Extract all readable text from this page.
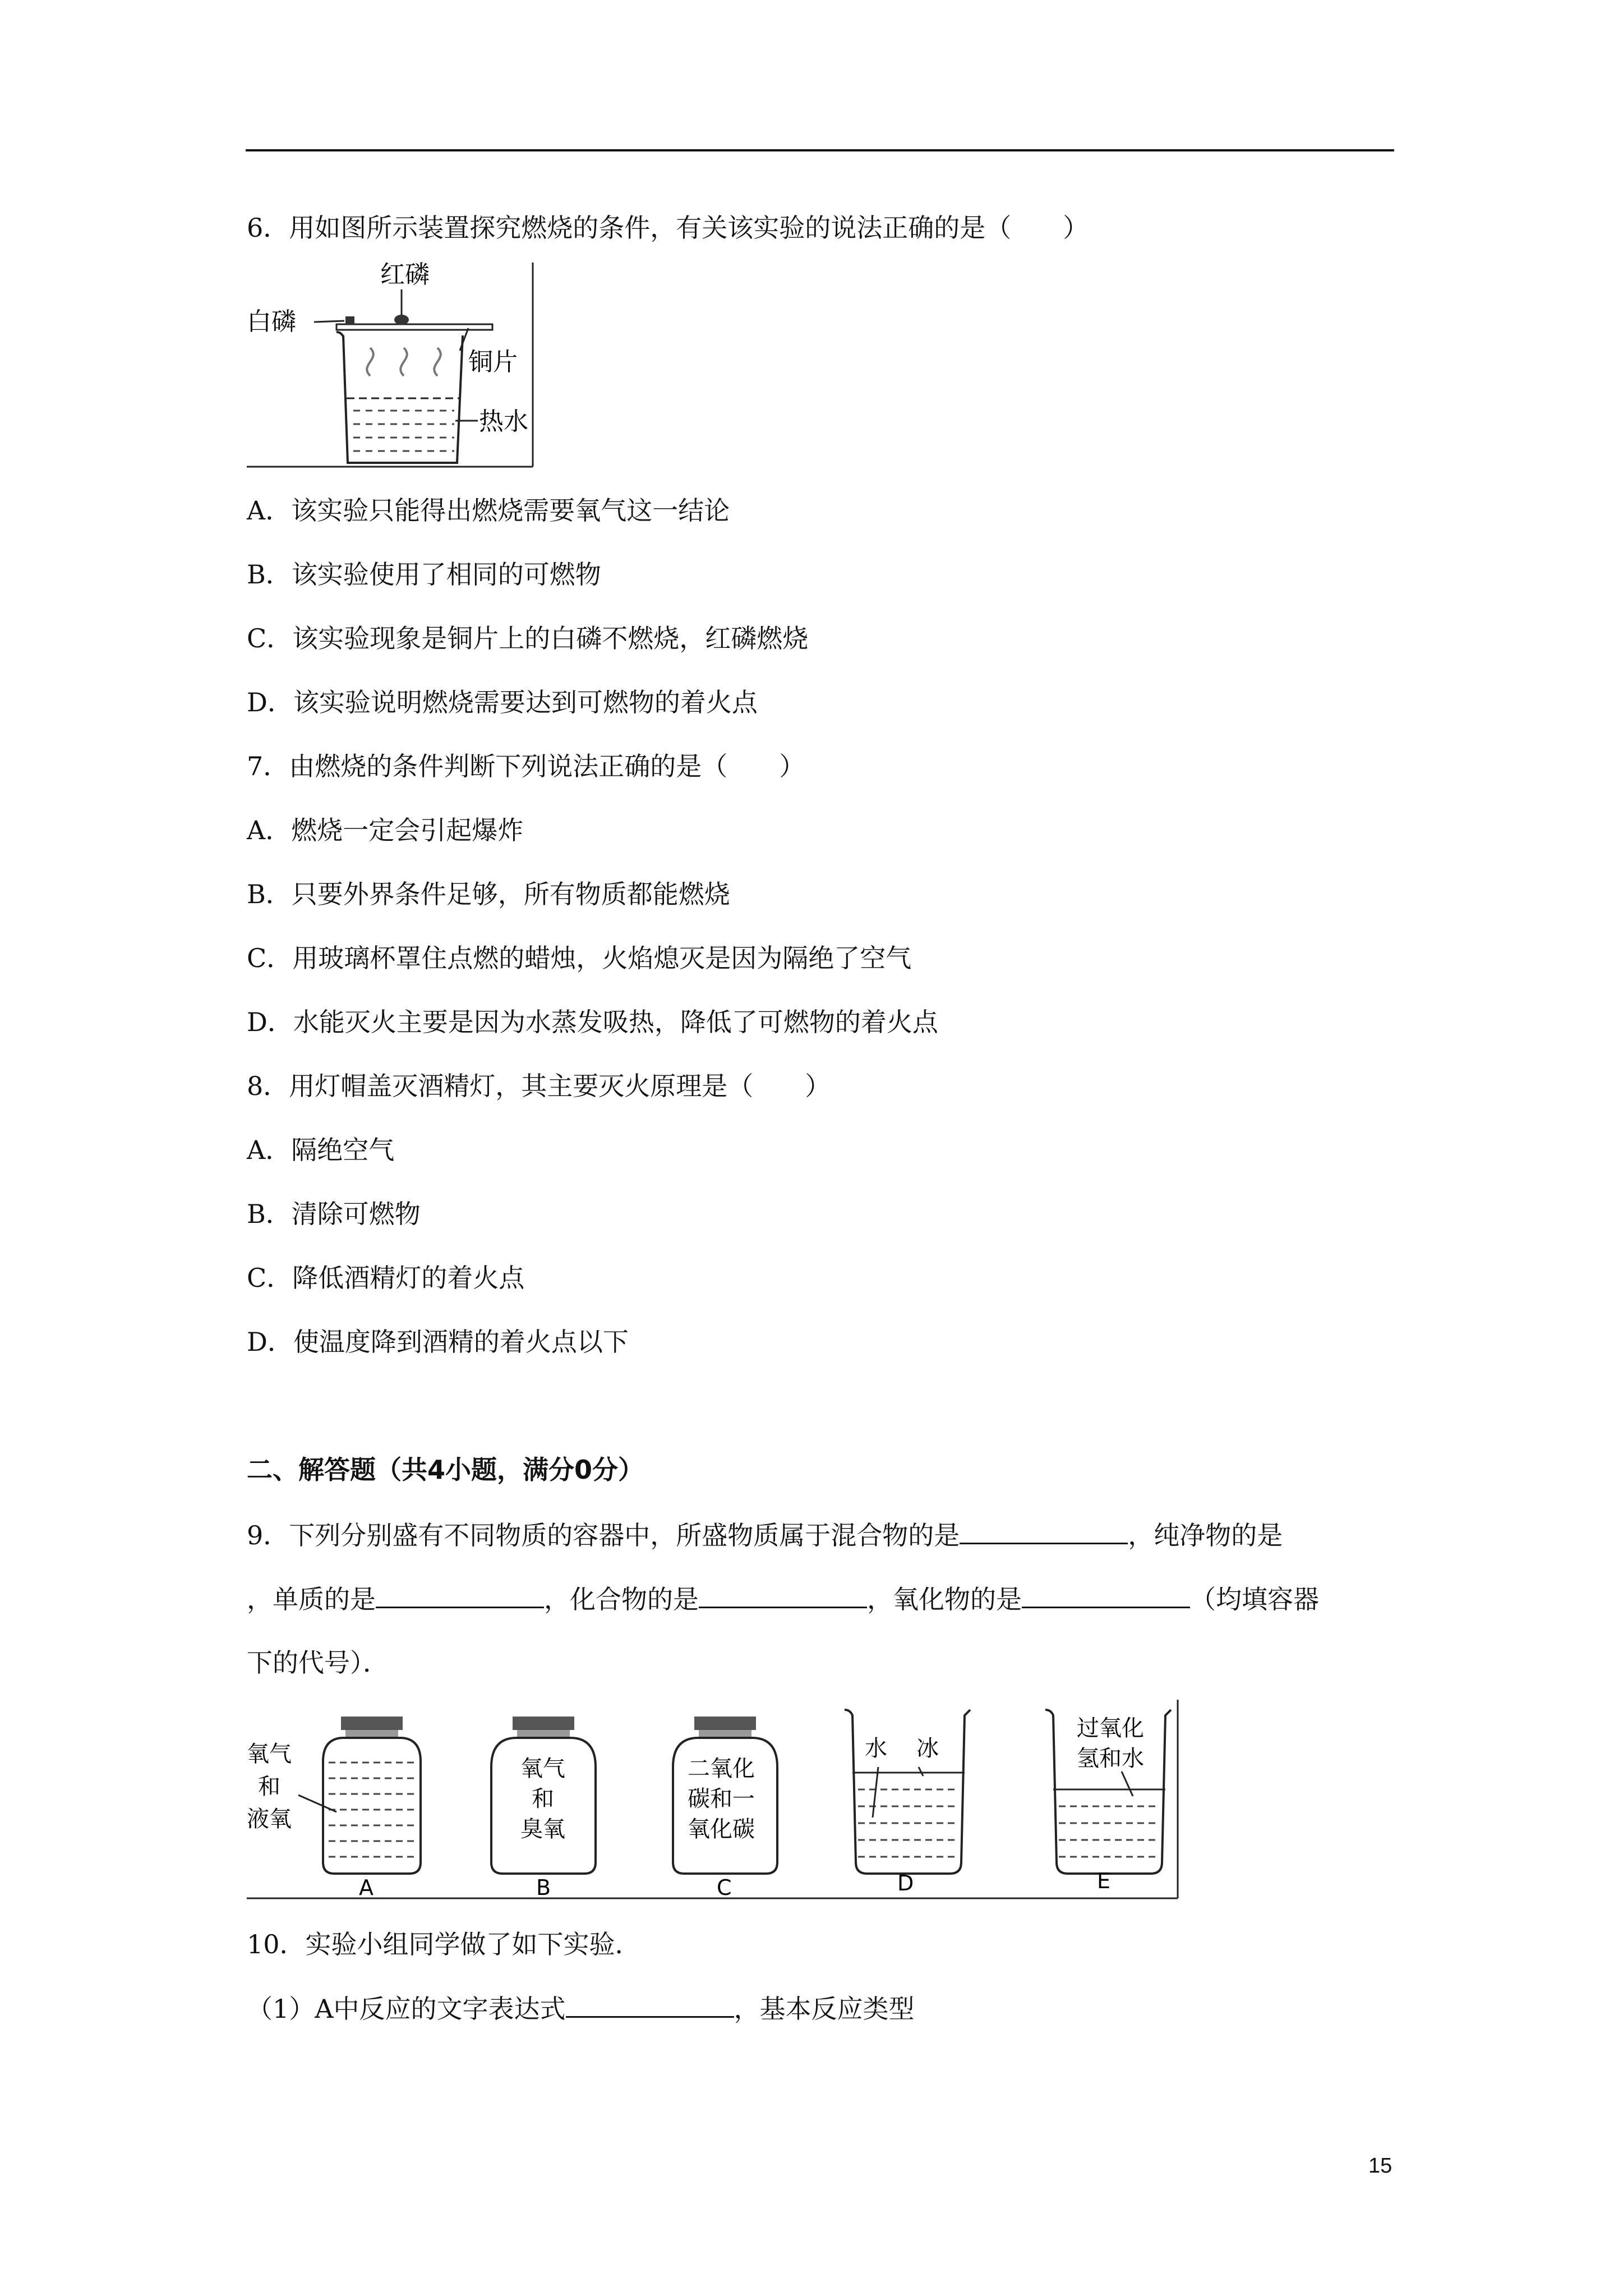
6．用如图所示装置探究燃烧的条件，有关该实验的说法正确的是（　　）
红磷
白磷
铜片
热水
A．该实验只能得出燃烧需要氧气这一结论
B．该实验使用了相同的可燃物
C．该实验现象是铜片上的白磷不燃烧，红磷燃烧
D．该实验说明燃烧需要达到可燃物的着火点
7．由燃烧的条件判断下列说法正确的是（　　）
A．燃烧一定会引起爆炸
B．只要外界条件足够，所有物质都能燃烧
C．用玻璃杯罩住点燃的蜡烛，火焰熄灭是因为隔绝了空气
D．水能灭火主要是因为水蒸发吸热，降低了可燃物的着火点
8．用灯帽盖灭酒精灯，其主要灭火原理是（　　）
A．隔绝空气
B．清除可燃物
C．降低酒精灯的着火点
D．使温度降到酒精的着火点以下
二、解答题（共4小题，满分0分）
9．下列分别盛有不同物质的容器中，所盛物质属于混合物的是	，纯净物的是
，单质的是	，化合物的是	，氧化物的是	（均填容器
下的代号）．
氧气
和
液氧
A
氧气
和
臭氧
B
二氧化
碳和一
氧化碳
C
水 冰
D
过氧化
氢和水
E
10．实验小组同学做了如下实验．
（1）A中反应的文字表达式	，基本反应类型
15
